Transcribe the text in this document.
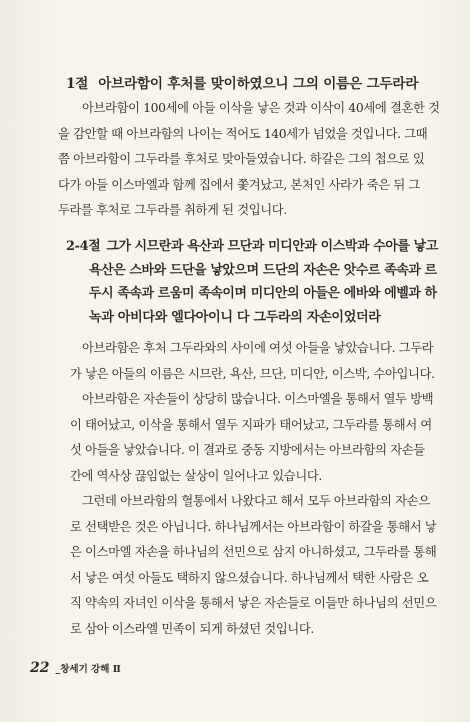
1절 아브라함이 후처를 맞이하였으니 그의 이름은 그두라라
아브라함이 100세에 아들 이삭을 낳은 것과 이삭이 40세에 결혼한 것
을 감안할 때 아브라함의 나이는 적어도 140세가 넘었을 것입니다. 그때
쯤 아브라함이 그두라를 후처로 맞아들였습니다. 하갈은 그의 첩으로 있
다가 아들 이스마엘과 함께 집에서 쫓겨났고, 본처인 사라가 죽은 뒤 그
두라를 후처로 그두라를 취하게 된 것입니다.
2-4절 그가 시므란과 욕산과 므단과 미디안과 이스박과 수아를 낳고
욕산은 스바와 드단을 낳았으며 드단의 자손은 앗수르 족속과 르
두시 족속과 르움미 족속이며 미디안의 아들은 에바와 에벨과 하
녹과 아비다와 엘다아이니 다 그두라의 자손이었더라
아브라함은 후처 그두라와의 사이에 여섯 아들을 낳았습니다. 그두라
가 낳은 아들의 이름은 시므란, 욕산, 므단, 미디안, 이스박, 수아입니다.
아브라함은 자손들이 상당히 많습니다. 이스마엘을 통해서 열두 방백
이 태어났고, 이삭을 통해서 열두 지파가 태어났고, 그두라를 통해서 여
섯 아들을 낳았습니다. 이 결과로 중동 지방에서는 아브라함의 자손들
간에 역사상 끊임없는 살상이 일어나고 있습니다.
그런데 아브라함의 혈통에서 나왔다고 해서 모두 아브라함의 자손으
로 선택받은 것은 아닙니다. 하나님께서는 아브라함이 하갈을 통해서 낳
은 이스마엘 자손을 하나님의 선민으로 삼지 아니하셨고, 그두라를 통해
서 낳은 여섯 아들도 택하지 않으셨습니다. 하나님께서 택한 사람은 오
직 약속의 자녀인 이삭을 통해서 낳은 자손들로 이들만 하나님의 선민으
로 삼아 이스라엘 민족이 되게 하셨던 것입니다.
22 _창세기 강해 Ⅱ
